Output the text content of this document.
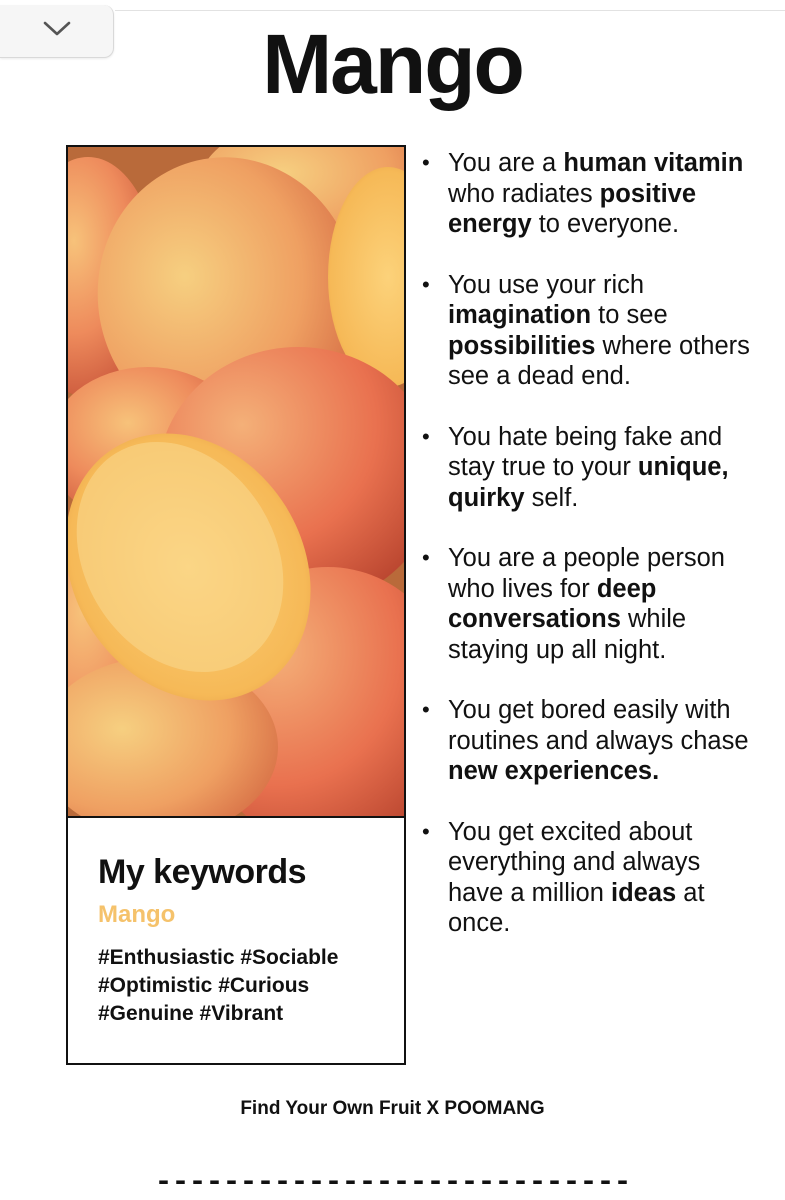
Mango
My keywords
Mango
#Enthusiastic #Sociable
#Optimistic #Curious
#Genuine #Vibrant
• You are a human vitamin who radiates positive energy to everyone.
• You use your rich imagination to see possibilities where others see a dead end.
• You hate being fake and stay true to your unique, quirky self.
• You are a people person who lives for deep conversations while staying up all night.
• You get bored easily with routines and always chase new experiences.
• You get excited about everything and always have a million ideas at once.
Find Your Own Fruit X POOMANG
----------------------------
